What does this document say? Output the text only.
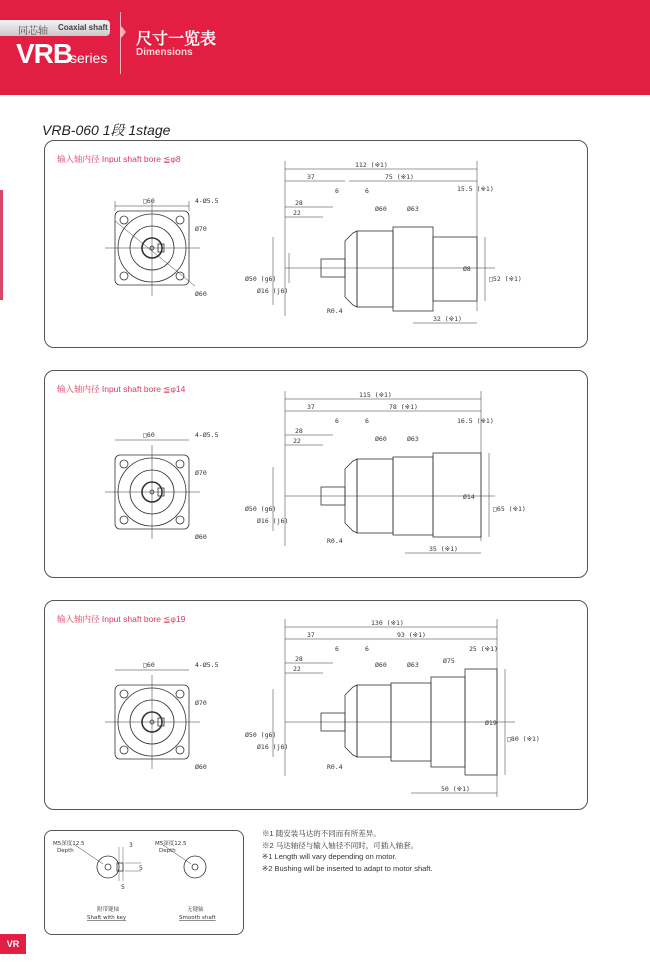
同芯轴 Coaxial shaft
VRB
series
尺寸一览表
Dimensions
VRB-060 1段 1stage
输入轴内径 Input shaft bore ≦φ8
□60	4-Ø5.5
Ø70
Ø60
112 (※1)
37	75 (※1)
6	6
28
22
15.5 (※1)
Ø60	Ø63
Ø50 (g6)
Ø16 (j6)
Ø8
□52 (※1)
R0.4
32 (※1)
输入轴内径 Input shaft bore ≦φ14
□60	4-Ø5.5
Ø70
Ø60
115 (※1)
37	78 (※1)
6	6
28
22
16.5 (※1)
Ø60	Ø63
Ø50 (g6)
Ø16 (j6)
Ø14
□65 (※1)
R0.4
35 (※1)
输入轴内径 Input shaft bore ≦φ19
□60	4-Ø5.5
Ø70
Ø60
130 (※1)
37	93 (※1)
6	6
28
22
25 (※1)
Ø60	Ø63	Ø75
Ø50 (g6)
Ø16 (j6)
Ø19
□80 (※1)
R0.4
50 (※1)
M5深度12.5
Depth
3
5
5
M5深度12.5
Depth
附带键轴
Shaft with key
无键轴
Smooth shaft
※1 随安装马达的不同而有所差异。
※2 马达轴径与输入轴径不同时，可插入轴套。
※1 Length will vary depending on motor.
※2 Bushing will be inserted to adapt to motor shaft.
VR
